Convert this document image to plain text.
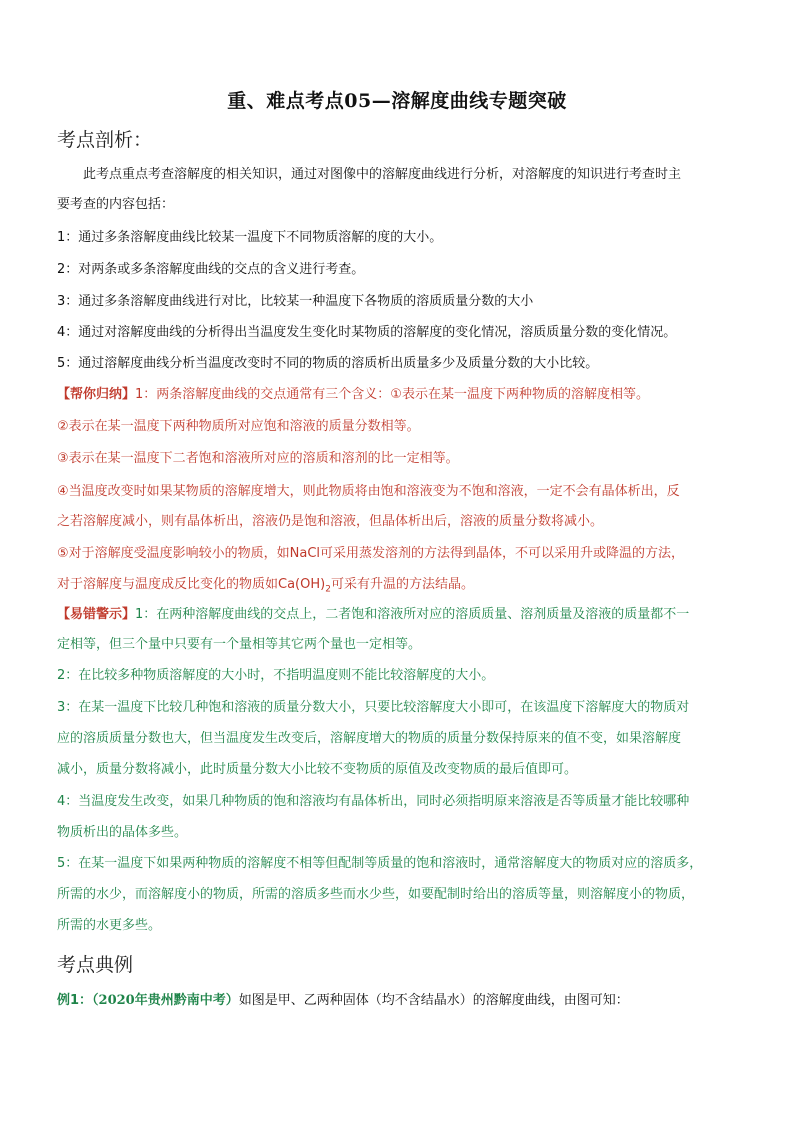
重、难点考点05—溶解度曲线专题突破
考点剖析：
此考点重点考查溶解度的相关知识，通过对图像中的溶解度曲线进行分析，对溶解度的知识进行考查时主
要考查的内容包括：
1：通过多条溶解度曲线比较某一温度下不同物质溶解的度的大小。
2：对两条或多条溶解度曲线的交点的含义进行考查。
3：通过多条溶解度曲线进行对比，比较某一种温度下各物质的溶质质量分数的大小
4：通过对溶解度曲线的分析得出当温度发生变化时某物质的溶解度的变化情况，溶质质量分数的变化情况。
5：通过溶解度曲线分析当温度改变时不同的物质的溶质析出质量多少及质量分数的大小比较。
【帮你归纳】1：两条溶解度曲线的交点通常有三个含义：①表示在某一温度下两种物质的溶解度相等。
②表示在某一温度下两种物质所对应饱和溶液的质量分数相等。
③表示在某一温度下二者饱和溶液所对应的溶质和溶剂的比一定相等。
④当温度改变时如果某物质的溶解度增大，则此物质将由饱和溶液变为不饱和溶液，一定不会有晶体析出，反
之若溶解度减小，则有晶体析出，溶液仍是饱和溶液，但晶体析出后，溶液的质量分数将减小。
⑤对于溶解度受温度影响较小的物质，如NaCl可采用蒸发溶剂的方法得到晶体，不可以采用升或降温的方法，
对于溶解度与温度成反比变化的物质如$Ca(OH)_2$可采有升温的方法结晶。
【易错警示】1：在两种溶解度曲线的交点上，二者饱和溶液所对应的溶质质量、溶剂质量及溶液的质量都不一
定相等，但三个量中只要有一个量相等其它两个量也一定相等。
2：在比较多种物质溶解度的大小时，不指明温度则不能比较溶解度的大小。
3：在某一温度下比较几种饱和溶液的质量分数大小，只要比较溶解度大小即可，在该温度下溶解度大的物质对
应的溶质质量分数也大，但当温度发生改变后，溶解度增大的物质的质量分数保持原来的值不变，如果溶解度
减小，质量分数将减小，此时质量分数大小比较不变物质的原值及改变物质的最后值即可。
4：当温度发生改变，如果几种物质的饱和溶液均有晶体析出，同时必须指明原来溶液是否等质量才能比较哪种
物质析出的晶体多些。
5：在某一温度下如果两种物质的溶解度不相等但配制等质量的饱和溶液时，通常溶解度大的物质对应的溶质多，
所需的水少，而溶解度小的物质，所需的溶质多些而水少些，如要配制时给出的溶质等量，则溶解度小的物质，
所需的水更多些。
考点典例
例1：（2020年贵州黔南中考）如图是甲、乙两种固体（均不含结晶水）的溶解度曲线，由图可知：
